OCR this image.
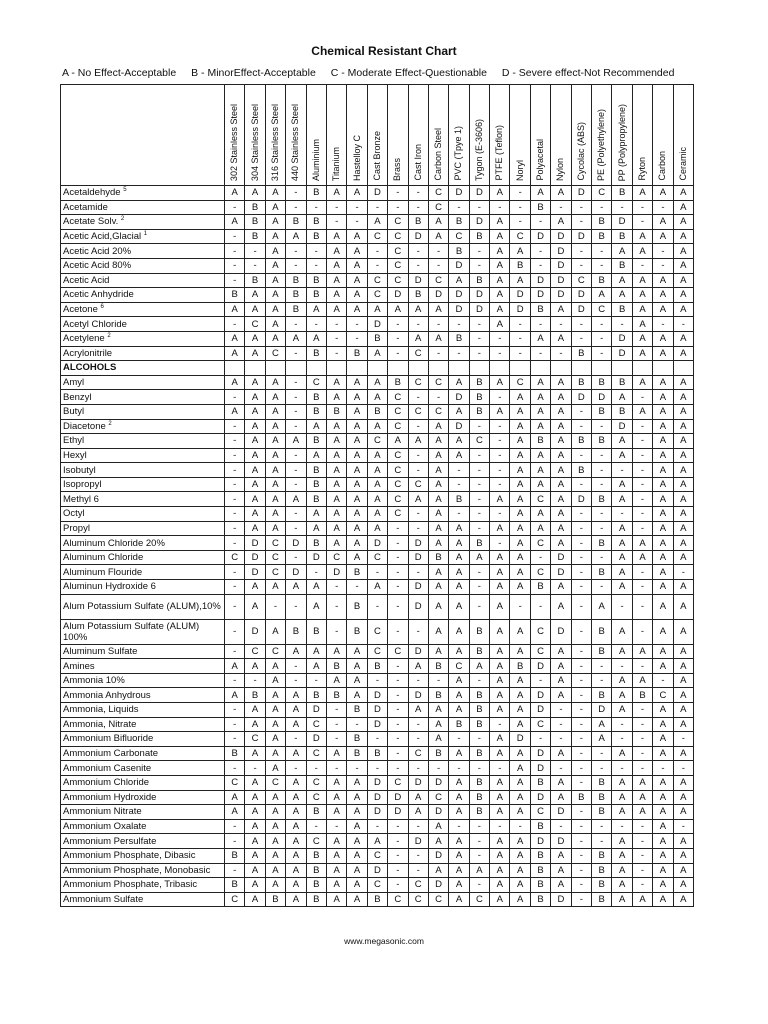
Chemical Resistant Chart
A - No Effect-Acceptable B - MinorEffect-Acceptable C - Moderate Effect-Questionable D - Severe effect-Not Recommended
	302 Stainless Steel	304 Stainless Steel	316 Stainless Steel	440 Stainless Steel	Aluminium	Titanium	Hastelloy C	Cast Bronze	Brass	Cast Iron	Carbon Steel	PVC (Tpye 1)	Tygon (E-3606)	PTFE (Teflon)	Noryl	Polyacetal	Nylon	Cycolac (ABS)	PE (Polyethylene)	PP (Polypropylene)	Ryton	Carbon	Ceramic
Acetaldehyde $^5$	A	A	A	-	B	A	A	D	-	-	C	D	D	A	-	A	A	D	C	B	A	A	A
Acetamide	-	B	A	-	-	-	-	-	-	-	C	-	-	-	-	B	-	-	-	-	-	-	A
Acetate Solv. $^2$	A	B	A	B	B	-	-	A	C	B	A	B	D	A	-	-	A	-	B	D	-	A	A
Acetic Acid,Glacial $^1$	-	B	A	A	B	A	A	C	C	D	A	C	B	A	C	D	D	D	B	B	A	A	A
Acetic Acid 20%	-	-	A	-	-	A	A	-	C	-	-	B	-	A	A	-	D	-	-	A	A	-	A
Acetic Acid 80%	-	-	A	-	-	A	A	-	C	-	-	D	-	A	B	-	D	-	-	B	-	-	A
Acetic Acid	-	B	A	B	B	A	A	C	C	D	C	A	B	A	A	D	D	C	B	A	A	A	A
Acetic Anhydride	B	A	A	B	B	A	A	C	D	B	D	D	D	A	D	D	D	D	A	A	A	A	A
Acetone $^6$	A	A	A	B	A	A	A	A	A	A	A	D	D	A	D	B	A	D	C	B	A	A	A
Acetyl Chloride	-	C	A	-	-	-	-	D	-	-	-	-	-	A	-	-	-	-	-	-	A	-	-
Acetylene $^2$	A	A	A	A	A	-	-	B	-	A	A	B	-	-	-	A	A	-	-	D	A	A	A
Acrylonitrile	A	A	C	-	B	-	B	A	-	C	-	-	-	-	-	-	-	B	-	D	A	A	A
ALCOHOLS																							
Amyl	A	A	A	-	C	A	A	A	B	C	C	A	B	A	C	A	A	B	B	B	A	A	A
Benzyl	-	A	A	-	B	A	A	A	C	-	-	D	B	-	A	A	A	D	D	A	-	A	A
Butyl	A	A	A	-	B	B	A	B	C	C	C	A	B	A	A	A	A	-	B	B	A	A	A
Diacetone $^2$	-	A	A	-	A	A	A	A	C	-	A	D	-	-	A	A	A	-	-	D	-	A	A
Ethyl	-	A	A	A	B	A	A	C	A	A	A	A	C	-	A	B	A	B	B	A	-	A	A
Hexyl	-	A	A	-	A	A	A	A	C	-	A	A	-	-	A	A	A	-	-	A	-	A	A
Isobutyl	-	A	A	-	B	A	A	A	C	-	A	-	-	-	A	A	A	B	-	-	-	A	A
Isopropyl	-	A	A	-	B	A	A	A	C	C	A	-	-	-	A	A	A	-	-	A	-	A	A
Methyl 6	-	A	A	A	B	A	A	A	C	A	A	B	-	A	A	C	A	D	B	A	-	A	A
Octyl	-	A	A	-	A	A	A	A	C	-	A	-	-	-	A	A	A	-	-	-	-	A	A
Propyl	-	A	A	-	A	A	A	A	-	-	A	A	-	A	A	A	A	-	-	A	-	A	A
Aluminum Chloride 20%	-	D	C	D	B	A	A	D	-	D	A	A	B	-	A	C	A	-	B	A	A	A	A
Aluminum Chloride	C	D	C	-	D	C	A	C	-	D	B	A	A	A	A	-	D	-	-	A	A	A	A
Aluminum Flouride	-	D	C	D	-	D	B	-	-	-	A	A	-	A	A	C	D	-	B	A	-	A	-
Aluminun Hydroxide 6	-	A	A	A	A	-	-	A	-	D	A	A	-	A	A	B	A	-	-	A	-	A	A
Alum Potassium Sulfate (ALUM),10%	-	A	-	-	A	-	B	-	-	D	A	A	-	A	-	-	A	-	A	-	-	A	A
Alum Potassium Sulfate (ALUM) 100%	-	D	A	B	B	-	B	C	-	-	A	A	B	A	A	C	D	-	B	A	-	A	A
Aluminum Sulfate	-	C	C	A	A	A	A	C	C	D	A	A	B	A	A	C	A	-	B	A	A	A	A
Amines	A	A	A	-	A	B	A	B	-	A	B	C	A	A	B	D	A	-	-	-	-	A	A
Ammonia 10%	-	-	A	-	-	A	A	-	-	-	-	A	-	A	A	-	A	-	-	A	A	-	A
Ammonia Anhydrous	A	B	A	A	B	B	A	D	-	D	B	A	B	A	A	D	A	-	B	A	B	C	A
Ammonia, Liquids	-	A	A	A	D	-	B	D	-	A	A	A	B	A	A	D	-	-	D	A	-	A	A
Ammonia, Nitrate	-	A	A	A	C	-	-	D	-	-	A	B	B	-	A	C	-	-	A	-	-	A	A
Ammonium Bifluoride	-	C	A	-	D	-	B	-	-	-	A	-	-	A	D	-	-	-	A	-	-	A	-
Ammonium Carbonate	B	A	A	A	C	A	B	B	-	C	B	A	B	A	A	D	A	-	-	A	-	A	A
Ammonium Casenite	-	-	A	-	-	-	-	-	-	-	-	-	-	-	A	D	-	-	-	-	-	-	-
Ammonium Chloride	C	A	C	A	C	A	A	D	C	D	D	A	B	A	A	B	A	-	B	A	A	A	A
Ammonium Hydroxide	A	A	A	A	C	A	A	D	D	A	C	A	B	A	A	D	A	B	B	A	A	A	A
Ammonium Nitrate	A	A	A	A	B	A	A	D	D	A	D	A	B	A	A	C	D	-	B	A	A	A	A
Ammonium Oxalate	-	A	A	A	-	-	A	-	-	-	A	-	-	-	-	B	-	-	-	-	-	A	-
Ammonium Persulfate	-	A	A	A	C	A	A	A	-	D	A	A	-	A	A	D	D	-	-	A	-	A	A
Ammonium Phosphate, Dibasic	B	A	A	A	B	A	A	C	-	-	D	A	-	A	A	B	A	-	B	A	-	A	A
Ammonium Phosphate, Monobasic	-	A	A	A	B	A	A	D	-	-	A	A	A	A	A	B	A	-	B	A	-	A	A
Ammonium Phosphate, Tribasic	B	A	A	A	B	A	A	C	-	C	D	A	-	A	A	B	A	-	B	A	-	A	A
Ammonium Sulfate	C	A	B	A	B	A	A	B	C	C	C	A	C	A	A	B	D	-	B	A	A	A	A
www.megasonic.com
